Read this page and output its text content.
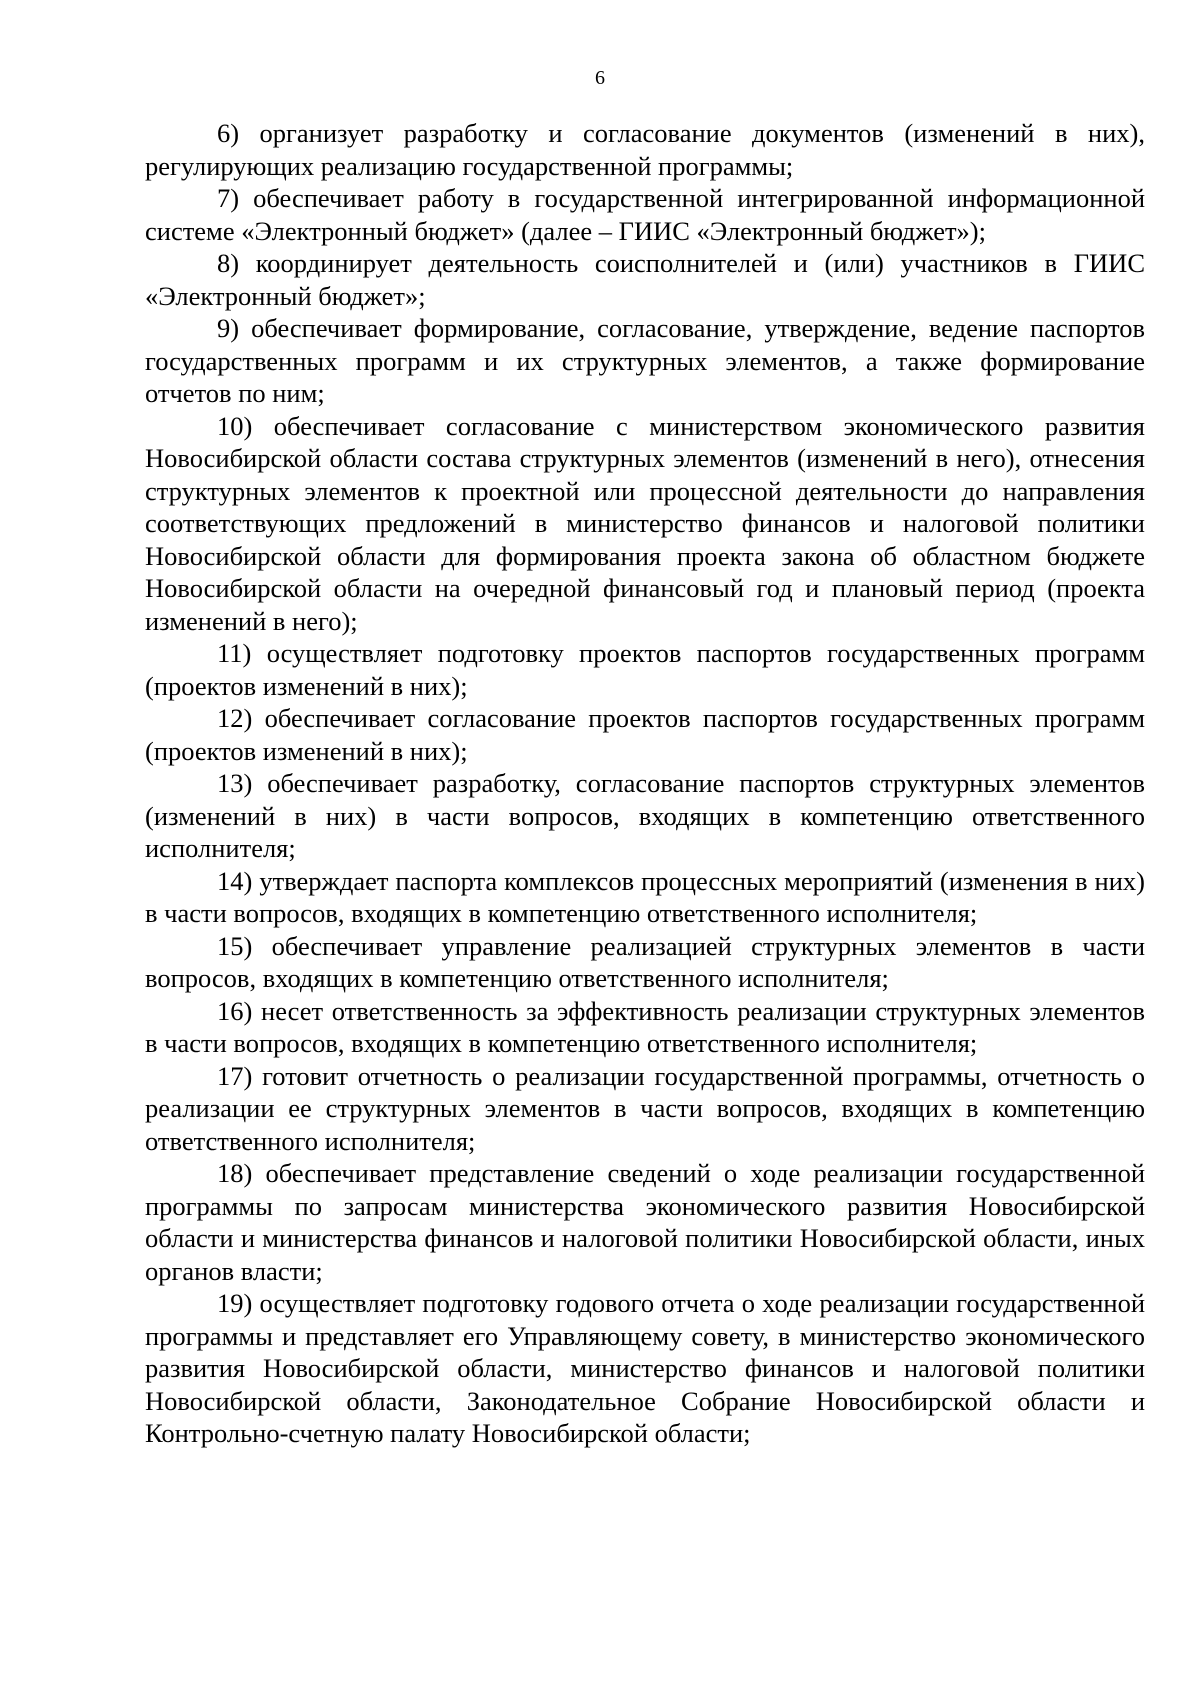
6

6) организует разработку и согласование документов (изменений в них), регулирующих реализацию государственной программы;

7) обеспечивает работу в государственной интегрированной информационной системе «Электронный бюджет» (далее – ГИИС «Электронный бюджет»);

8) координирует деятельность соисполнителей и (или) участников в ГИИС «Электронный бюджет»;

9) обеспечивает формирование, согласование, утверждение, ведение паспортов государственных программ и их структурных элементов, а также формирование отчетов по ним;

10) обеспечивает согласование с министерством экономического развития Новосибирской области состава структурных элементов (изменений в него), отнесения структурных элементов к проектной или процессной деятельности до направления соответствующих предложений в министерство финансов и налоговой политики Новосибирской области для формирования проекта закона об областном бюджете Новосибирской области на очередной финансовый год и плановый период (проекта изменений в него);

11) осуществляет подготовку проектов паспортов государственных программ (проектов изменений в них);

12) обеспечивает согласование проектов паспортов государственных программ (проектов изменений в них);

13) обеспечивает разработку, согласование паспортов структурных элементов (изменений в них) в части вопросов, входящих в компетенцию ответственного исполнителя;

14) утверждает паспорта комплексов процессных мероприятий (изменения в них) в части вопросов, входящих в компетенцию ответственного исполнителя;

15) обеспечивает управление реализацией структурных элементов в части вопросов, входящих в компетенцию ответственного исполнителя;

16) несет ответственность за эффективность реализации структурных элементов в части вопросов, входящих в компетенцию ответственного исполнителя;

17) готовит отчетность о реализации государственной программы, отчетность о реализации ее структурных элементов в части вопросов, входящих в компетенцию ответственного исполнителя;

18) обеспечивает представление сведений о ходе реализации государственной программы по запросам министерства экономического развития Новосибирской области и министерства финансов и налоговой политики Новосибирской области, иных органов власти;

19) осуществляет подготовку годового отчета о ходе реализации государственной программы и представляет его Управляющему совету, в министерство экономического развития Новосибирской области, министерство финансов и налоговой политики Новосибирской области, Законодательное Собрание Новосибирской области и Контрольно-счетную палату Новосибирской области;
